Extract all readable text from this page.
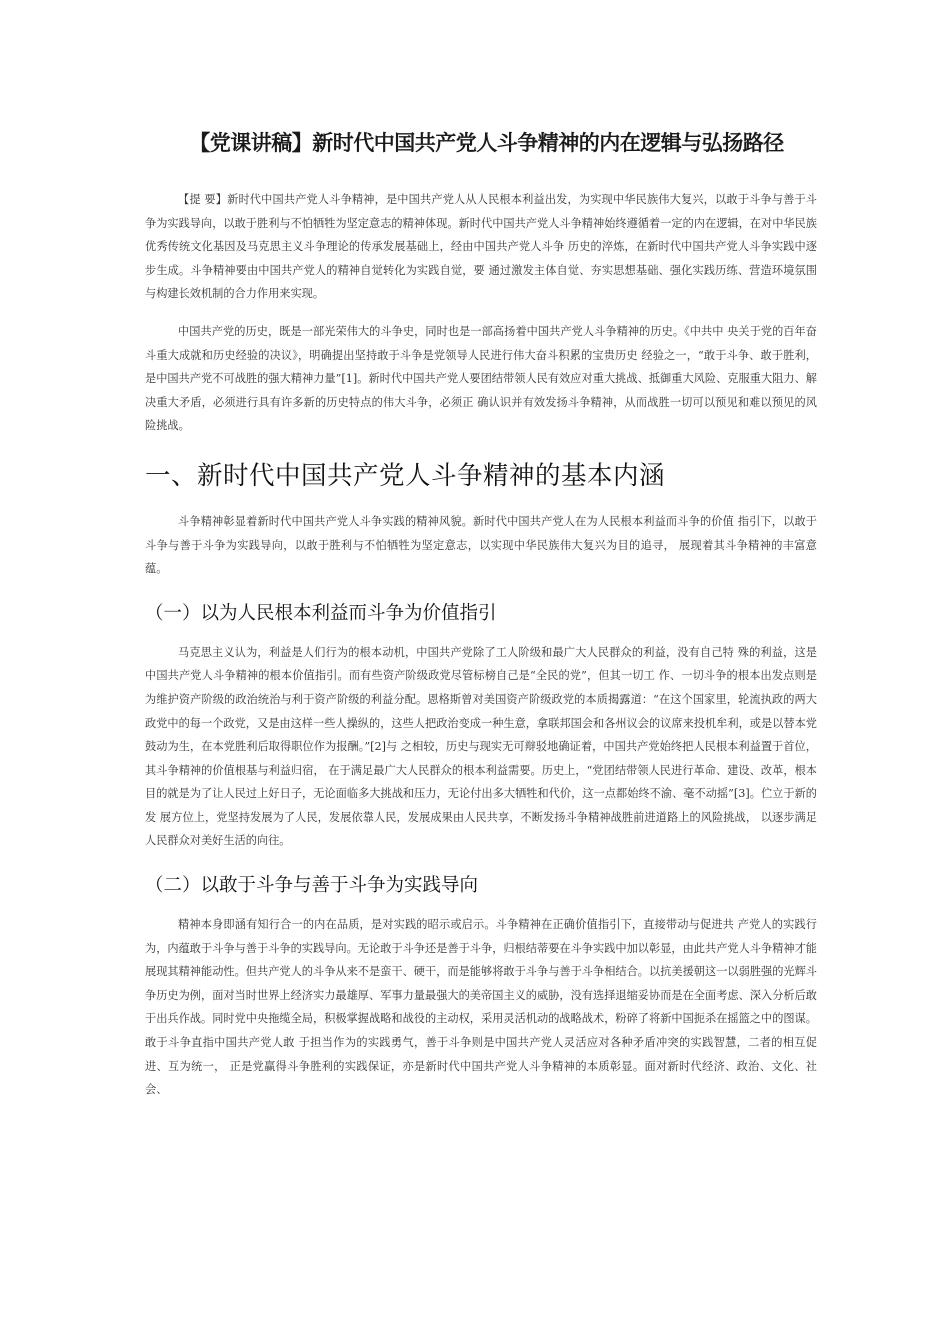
【党课讲稿】新时代中国共产党人斗争精神的内在逻辑与弘扬路径

【提 要】新时代中国共产党人斗争精神，是中国共产党人从人民根本利益出发，为实现中华民族伟大复兴，以敢于斗争与善于斗争为实践导向，以敢于胜利与不怕牺牲为坚定意志的精神体现。新时代中国共产党人斗争精神始终遵循着一定的内在逻辑，在对中华民族优秀传统文化基因及马克思主义斗争理论的传承发展基础上，经由中国共产党人斗争 历史的淬炼，在新时代中国共产党人斗争实践中逐步生成。斗争精神要由中国共产党人的精神自觉转化为实践自觉，要 通过激发主体自觉、夯实思想基础、强化实践历练、营造环境氛围与构建长效机制的合力作用来实现。

中国共产党的历史，既是一部光荣伟大的斗争史，同时也是一部高扬着中国共产党人斗争精神的历史。《中共中 央关于党的百年奋斗重大成就和历史经验的决议》，明确提出坚持敢于斗争是党领导人民进行伟大奋斗积累的宝贵历史 经验之一，“敢于斗争、敢于胜利，是中国共产党不可战胜的强大精神力量”[1]。新时代中国共产党人要团结带领人民有效应对重大挑战、抵御重大风险、克服重大阻力、解决重大矛盾，必须进行具有许多新的历史特点的伟大斗争，必须正 确认识并有效发扬斗争精神，从而战胜一切可以预见和难以预见的风险挑战。

一、新时代中国共产党人斗争精神的基本内涵

斗争精神彰显着新时代中国共产党人斗争实践的精神风貌。新时代中国共产党人在为人民根本利益而斗争的价值 指引下，以敢于斗争与善于斗争为实践导向，以敢于胜利与不怕牺牲为坚定意志，以实现中华民族伟大复兴为目的追寻， 展现着其斗争精神的丰富意蕴。

（一）以为人民根本利益而斗争为价值指引

马克思主义认为，利益是人们行为的根本动机，中国共产党除了工人阶级和最广大人民群众的利益，没有自己特 殊的利益，这是中国共产党人斗争精神的根本价值指引。而有些资产阶级政党尽管标榜自己是“全民的党”，但其一切工 作、一切斗争的根本出发点则是为维护资产阶级的政治统治与利于资产阶级的利益分配。恩格斯曾对美国资产阶级政党的本质揭露道：“在这个国家里，轮流执政的两大政党中的每一个政党，又是由这样一些人操纵的，这些人把政治变成一种生意，拿联邦国会和各州议会的议席来投机牟利，或是以替本党鼓动为生，在本党胜利后取得职位作为报酬。”[2]与 之相较，历史与现实无可辩驳地确证着，中国共产党始终把人民根本利益置于首位，其斗争精神的价值根基与利益归宿， 在于满足最广大人民群众的根本利益需要。历史上，“党团结带领人民进行革命、建设、改革，根本目的就是为了让人民过上好日子，无论面临多大挑战和压力，无论付出多大牺牲和代价，这一点都始终不渝、毫不动摇”[3]。伫立于新的发 展方位上，党坚持发展为了人民，发展依靠人民，发展成果由人民共享，不断发扬斗争精神战胜前进道路上的风险挑战， 以逐步满足人民群众对美好生活的向往。

（二）以敢于斗争与善于斗争为实践导向

精神本身即涵有知行合一的内在品质，是对实践的昭示或启示。斗争精神在正确价值指引下，直接带动与促进共 产党人的实践行为，内蕴敢于斗争与善于斗争的实践导向。无论敢于斗争还是善于斗争，归根结蒂要在斗争实践中加以彰显，由此共产党人斗争精神才能展现其精神能动性。但共产党人的斗争从来不是蛮干、硬干，而是能够将敢于斗争与善于斗争相结合。以抗美援朝这一以弱胜强的光辉斗争历史为例，面对当时世界上经济实力最雄厚、军事力量最强大的美帝国主义的威胁，没有选择退缩妥协而是在全面考虑、深入分析后敢于出兵作战。同时党中央拖缆全局，积极掌握战略和战役的主动权，采用灵活机动的战略战术，粉碎了将新中国扼杀在摇篮之中的图谋。敢于斗争直指中国共产党人敢 于担当作为的实践勇气，善于斗争则是中国共产党人灵活应对各种矛盾冲突的实践智慧，二者的相互促进、互为统一， 正是党赢得斗争胜利的实践保证，亦是新时代中国共产党人斗争精神的本质彰显。面对新时代经济、政治、文化、社会、
